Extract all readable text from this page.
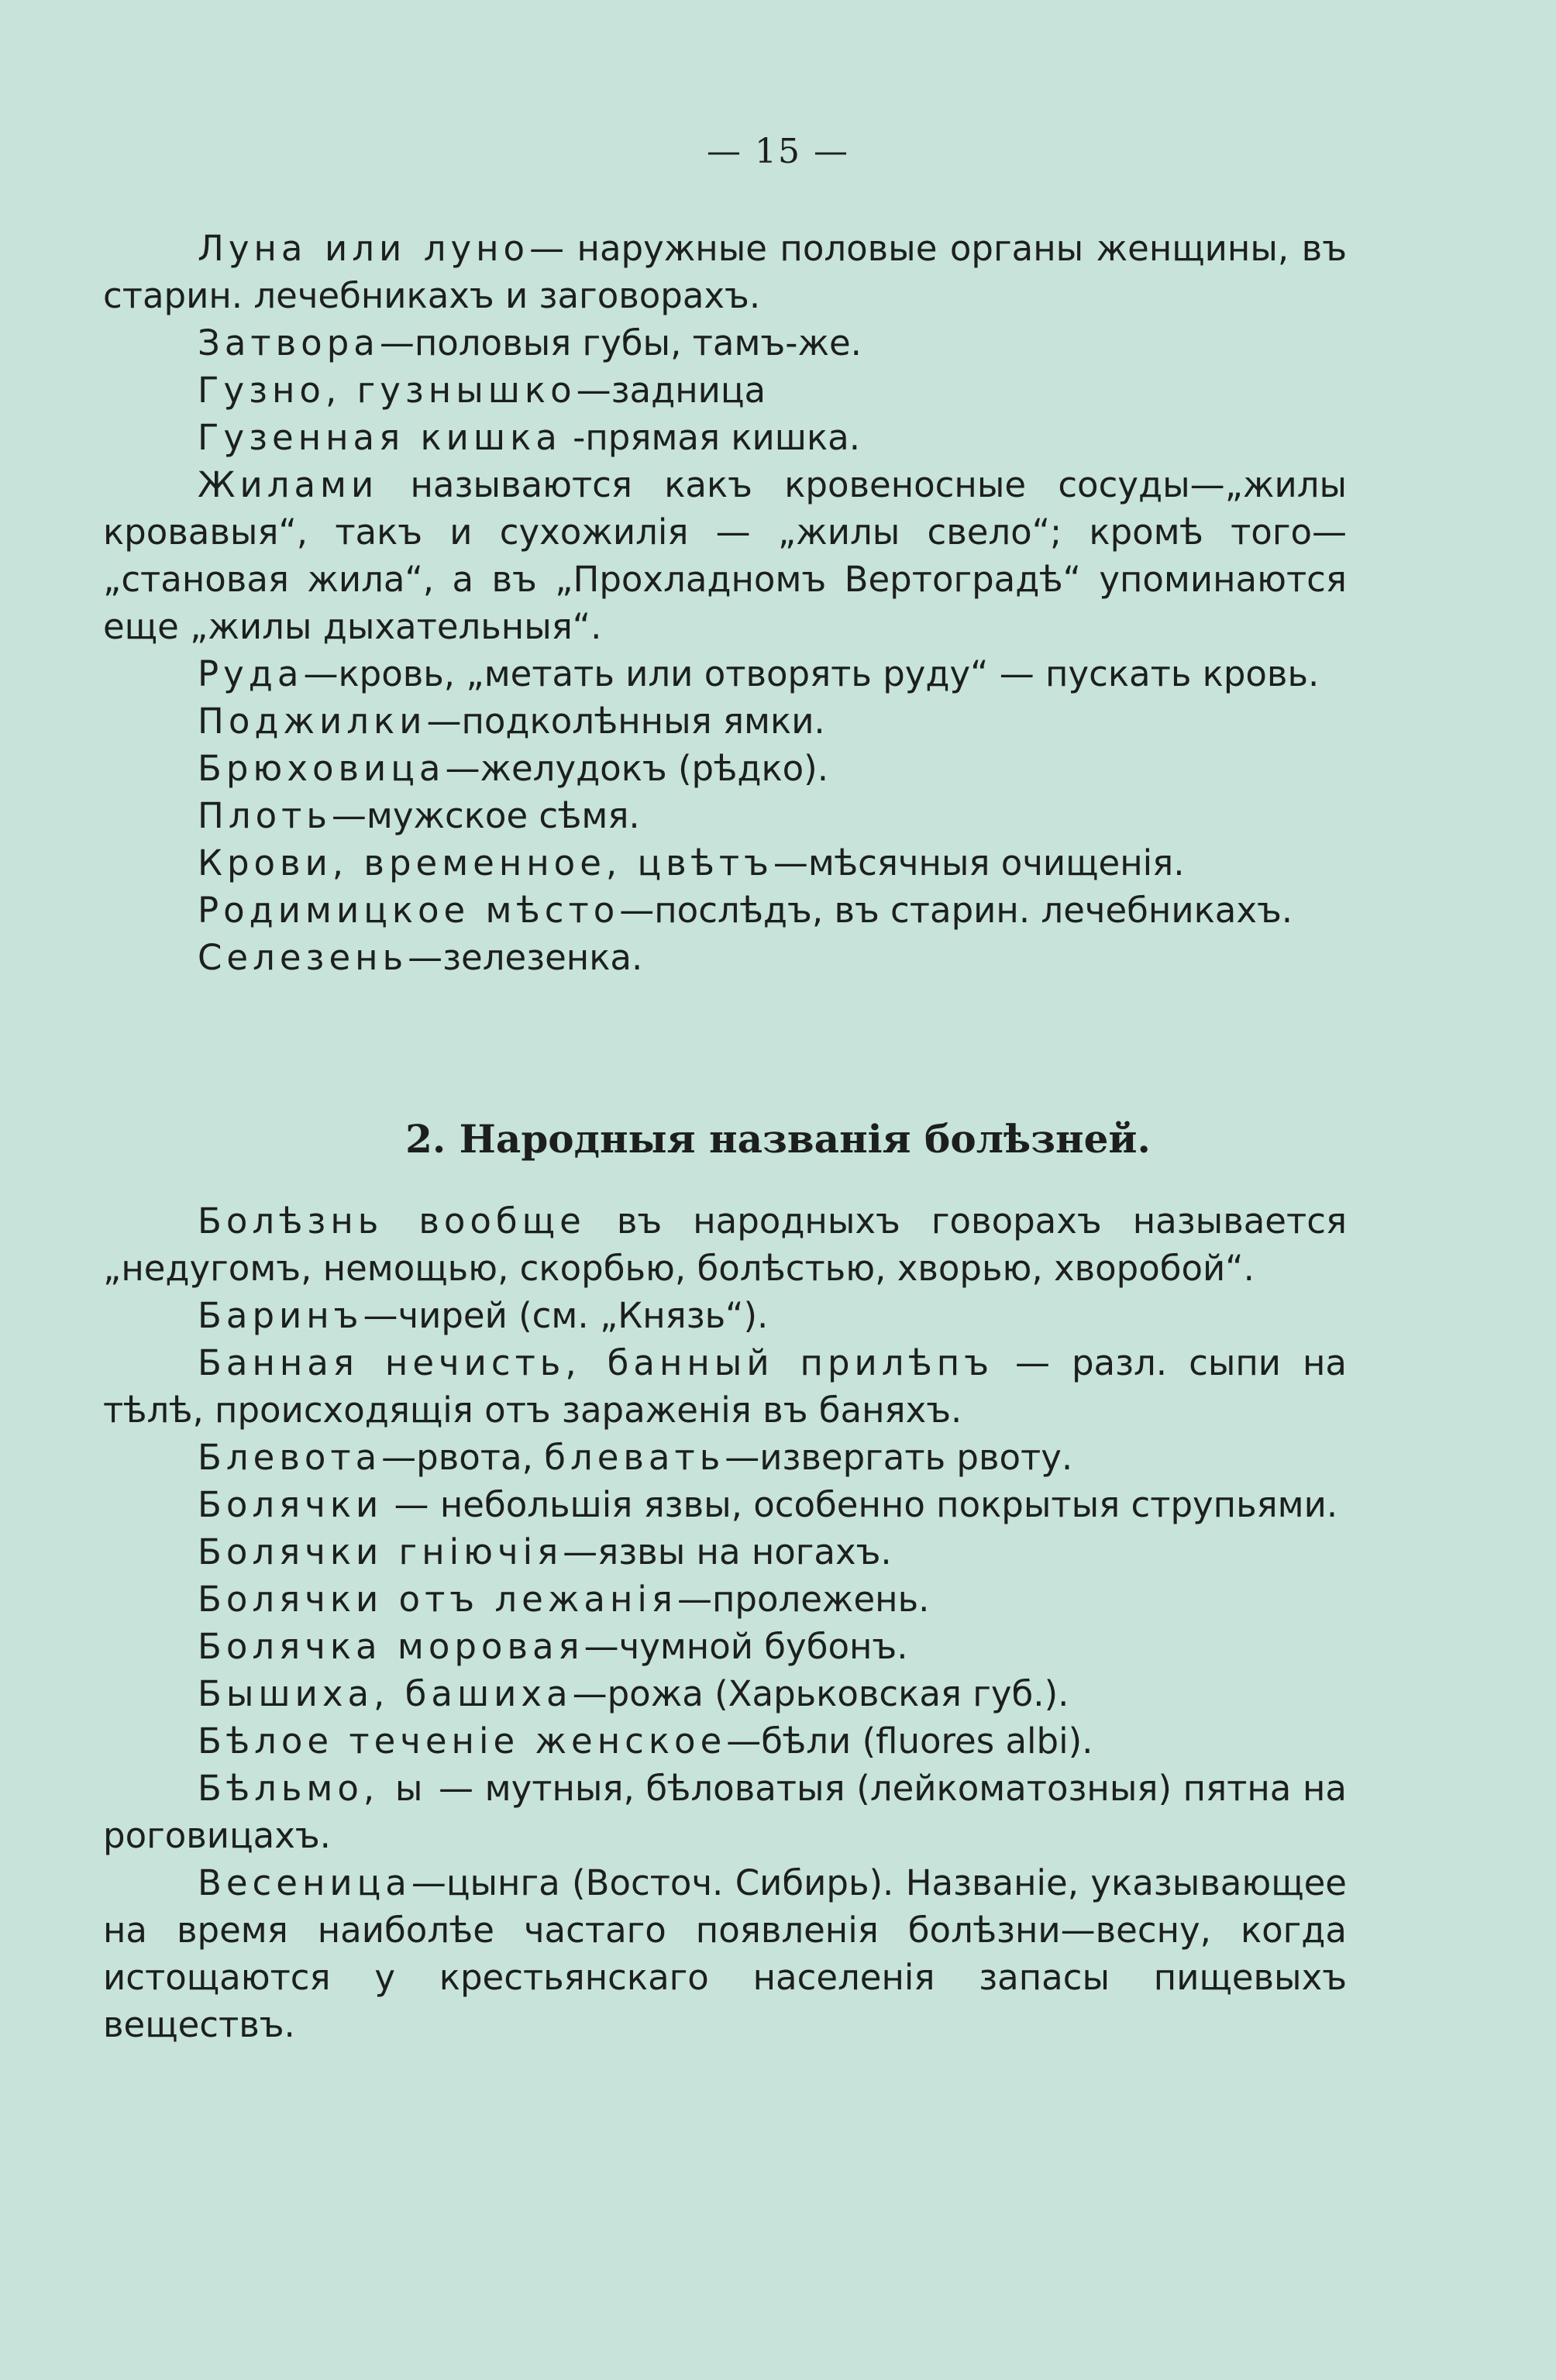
— 15 —

Луна или луно— наружные половые органы женщины, въ старин. лечебникахъ и заговорахъ.

Затвора—половыя губы, тамъ-же.

Гузно, гузнышко—задница

Гузенная кишка -прямая кишка.

Жилами называются какъ кровеносные сосуды—„жилы кровавыя“, такъ и сухожилія — „жилы свело“; кромѣ того—„становая жила“, а въ „Прохладномъ Вертоградѣ“ упоминаются еще „жилы дыхательныя“.

Руда—кровь, „метать или отворять руду“ — пускать кровь.

Поджилки—подколѣнныя ямки.

Брюховица—желудокъ (рѣдко).

Плоть—мужское сѣмя.

Крови, временное, цвѣтъ—мѣсячныя очищенія.

Родимицкое мѣсто—послѣдъ, въ старин. лечебникахъ.

Селезень—зелезенка.

2. Народныя названія болѣзней.

Болѣзнь вообще въ народныхъ говорахъ называется „недугомъ, немощью, скорбью, болѣстью, хворью, хворобой“.

Баринъ—чирей (см. „Князь“).

Банная нечисть, банный прилѣпъ — разл. сыпи на тѣлѣ, происходящія отъ зараженія въ баняхъ.

Блевота—рвота, блевать—извергать рвоту.

Болячки — небольшія язвы, особенно покрытыя струпьями.

Болячки гніючія—язвы на ногахъ.

Болячки отъ лежанія—пролежень.

Болячка моровая—чумной бубонъ.

Бышиха, башиха—рожа (Харьковская губ.).

Бѣлое теченіе женское—бѣли (fluores albi).

Бѣльмо, ы — мутныя, бѣловатыя (лейкоматозныя) пятна на роговицахъ.

Весеница—цынга (Восточ. Сибирь). Названіе, указывающее на время наиболѣе частаго появленія болѣзни—весну, когда истощаются у крестьянскаго населенія запасы пищевыхъ веществъ.
